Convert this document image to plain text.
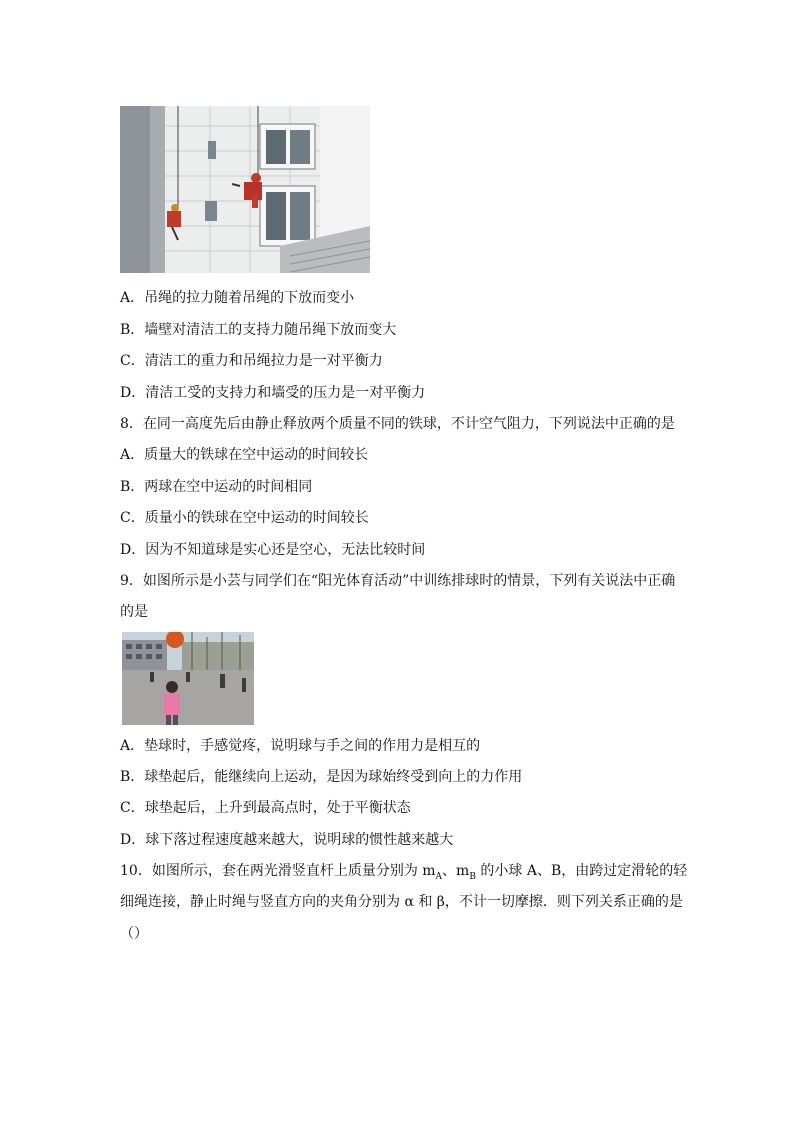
A．吊绳的拉力随着吊绳的下放而变小
B．墙壁对清洁工的支持力随吊绳下放而变大
C．清洁工的重力和吊绳拉力是一对平衡力
D．清洁工受的支持力和墙受的压力是一对平衡力
8．在同一高度先后由静止释放两个质量不同的铁球，不计空气阻力，下列说法中正确的是
A．质量大的铁球在空中运动的时间较长
B．两球在空中运动的时间相同
C．质量小的铁球在空中运动的时间较长
D．因为不知道球是实心还是空心，无法比较时间
9．如图所示是小芸与同学们在“阳光体育活动”中训练排球时的情景，下列有关说法中正确
的是
A．垫球时，手感觉疼，说明球与手之间的作用力是相互的
B．球垫起后，能继续向上运动，是因为球始终受到向上的力作用
C．球垫起后，上升到最高点时，处于平衡状态
D．球下落过程速度越来越大，说明球的惯性越来越大
10．如图所示，套在两光滑竖直杆上质量分别为 $m_A$、$m_B$ 的小球 A、B，由跨过定滑轮的轻
细绳连接，静止时绳与竖直方向的夹角分别为 α 和 β，不计一切摩擦．则下列关系正确的是
（）
